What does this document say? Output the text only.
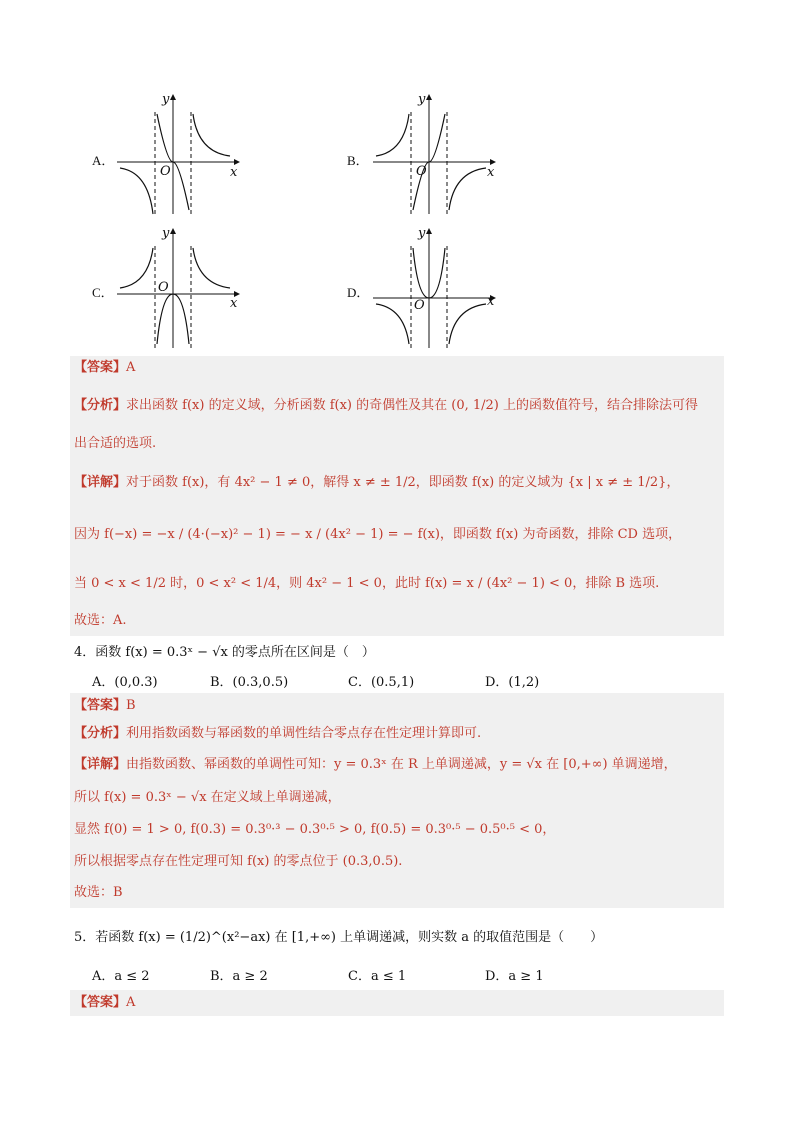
A．
y
x
O
B．
y
x
O
C．
y
x
O	D．
y
x
O
【答案】A
【分析】求出函数 f(x) 的定义域，分析函数 f(x) 的奇偶性及其在 (0, 1/2) 上的函数值符号，结合排除法可得
出合适的选项.
【详解】对于函数 f(x)，有 4x² − 1 ≠ 0，解得 x ≠ ± 1/2，即函数 f(x) 的定义域为 {x | x ≠ ± 1/2}，
因为 f(−x) = −x / (4·(−x)² − 1) = − x / (4x² − 1) = − f(x)，即函数 f(x) 为奇函数，排除 CD 选项，
当 0 < x < 1/2 时，0 < x² < 1/4，则 4x² − 1 < 0，此时 f(x) = x / (4x² − 1) < 0，排除 B 选项.
故选：A.
4．函数 f(x) = 0.3ˣ − √x 的零点所在区间是（　）
A．(0,0.3)	B．(0.3,0.5)	C．(0.5,1)	D．(1,2)
【答案】B
【分析】利用指数函数与幂函数的单调性结合零点存在性定理计算即可.
【详解】由指数函数、幂函数的单调性可知：y = 0.3ˣ 在 R 上单调递减，y = √x 在 [0,+∞) 单调递增，
所以 f(x) = 0.3ˣ − √x 在定义域上单调递减，
显然 f(0) = 1 > 0, f(0.3) = 0.3⁰·³ − 0.3⁰·⁵ > 0, f(0.5) = 0.3⁰·⁵ − 0.5⁰·⁵ < 0，
所以根据零点存在性定理可知 f(x) 的零点位于 (0.3,0.5).
故选：B
5．若函数 f(x) = (1/2)^(x²−ax) 在 [1,+∞) 上单调递减，则实数 a 的取值范围是（　　）
A．a ≤ 2	B．a ≥ 2	C．a ≤ 1	D．a ≥ 1
【答案】A
